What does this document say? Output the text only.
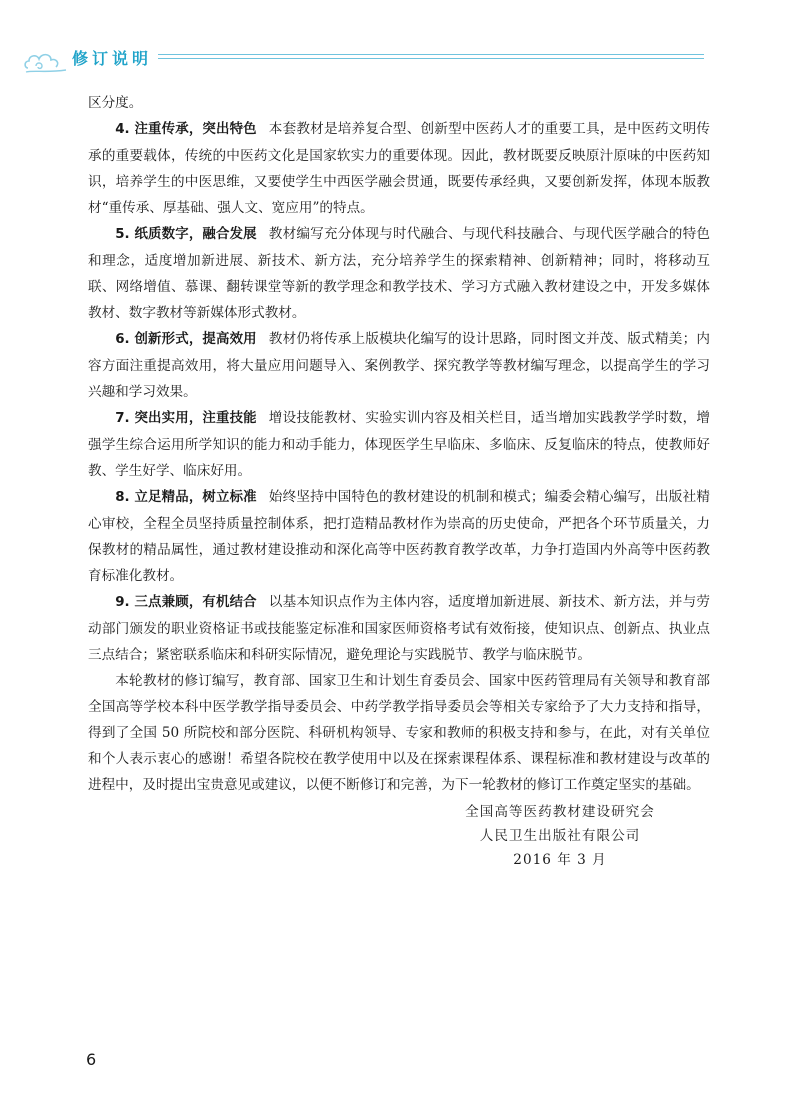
修订说明

区分度。

4. 注重传承，突出特色 本套教材是培养复合型、创新型中医药人才的重要工具，是中医药文明传承的重要载体，传统的中医药文化是国家软实力的重要体现。因此，教材既要反映原汁原味的中医药知识，培养学生的中医思维，又要使学生中西医学融会贯通，既要传承经典，又要创新发挥，体现本版教材“重传承、厚基础、强人文、宽应用”的特点。

5. 纸质数字，融合发展 教材编写充分体现与时代融合、与现代科技融合、与现代医学融合的特色和理念，适度增加新进展、新技术、新方法，充分培养学生的探索精神、创新精神；同时，将移动互联、网络增值、慕课、翻转课堂等新的教学理念和教学技术、学习方式融入教材建设之中，开发多媒体教材、数字教材等新媒体形式教材。

6. 创新形式，提高效用 教材仍将传承上版模块化编写的设计思路，同时图文并茂、版式精美；内容方面注重提高效用，将大量应用问题导入、案例教学、探究教学等教材编写理念，以提高学生的学习兴趣和学习效果。

7. 突出实用，注重技能 增设技能教材、实验实训内容及相关栏目，适当增加实践教学学时数，增强学生综合运用所学知识的能力和动手能力，体现医学生早临床、多临床、反复临床的特点，使教师好教、学生好学、临床好用。

8. 立足精品，树立标准 始终坚持中国特色的教材建设的机制和模式；编委会精心编写，出版社精心审校，全程全员坚持质量控制体系，把打造精品教材作为崇高的历史使命，严把各个环节质量关，力保教材的精品属性，通过教材建设推动和深化高等中医药教育教学改革，力争打造国内外高等中医药教育标准化教材。

9. 三点兼顾，有机结合 以基本知识点作为主体内容，适度增加新进展、新技术、新方法，并与劳动部门颁发的职业资格证书或技能鉴定标准和国家医师资格考试有效衔接，使知识点、创新点、执业点三点结合；紧密联系临床和科研实际情况，避免理论与实践脱节、教学与临床脱节。

本轮教材的修订编写，教育部、国家卫生和计划生育委员会、国家中医药管理局有关领导和教育部全国高等学校本科中医学教学指导委员会、中药学教学指导委员会等相关专家给予了大力支持和指导，得到了全国 50 所院校和部分医院、科研机构领导、专家和教师的积极支持和参与，在此，对有关单位和个人表示衷心的感谢！希望各院校在教学使用中以及在探索课程体系、课程标准和教材建设与改革的进程中，及时提出宝贵意见或建议，以便不断修订和完善，为下一轮教材的修订工作奠定坚实的基础。

全国高等医药教材建设研究会
人民卫生出版社有限公司
2016 年 3 月
6
